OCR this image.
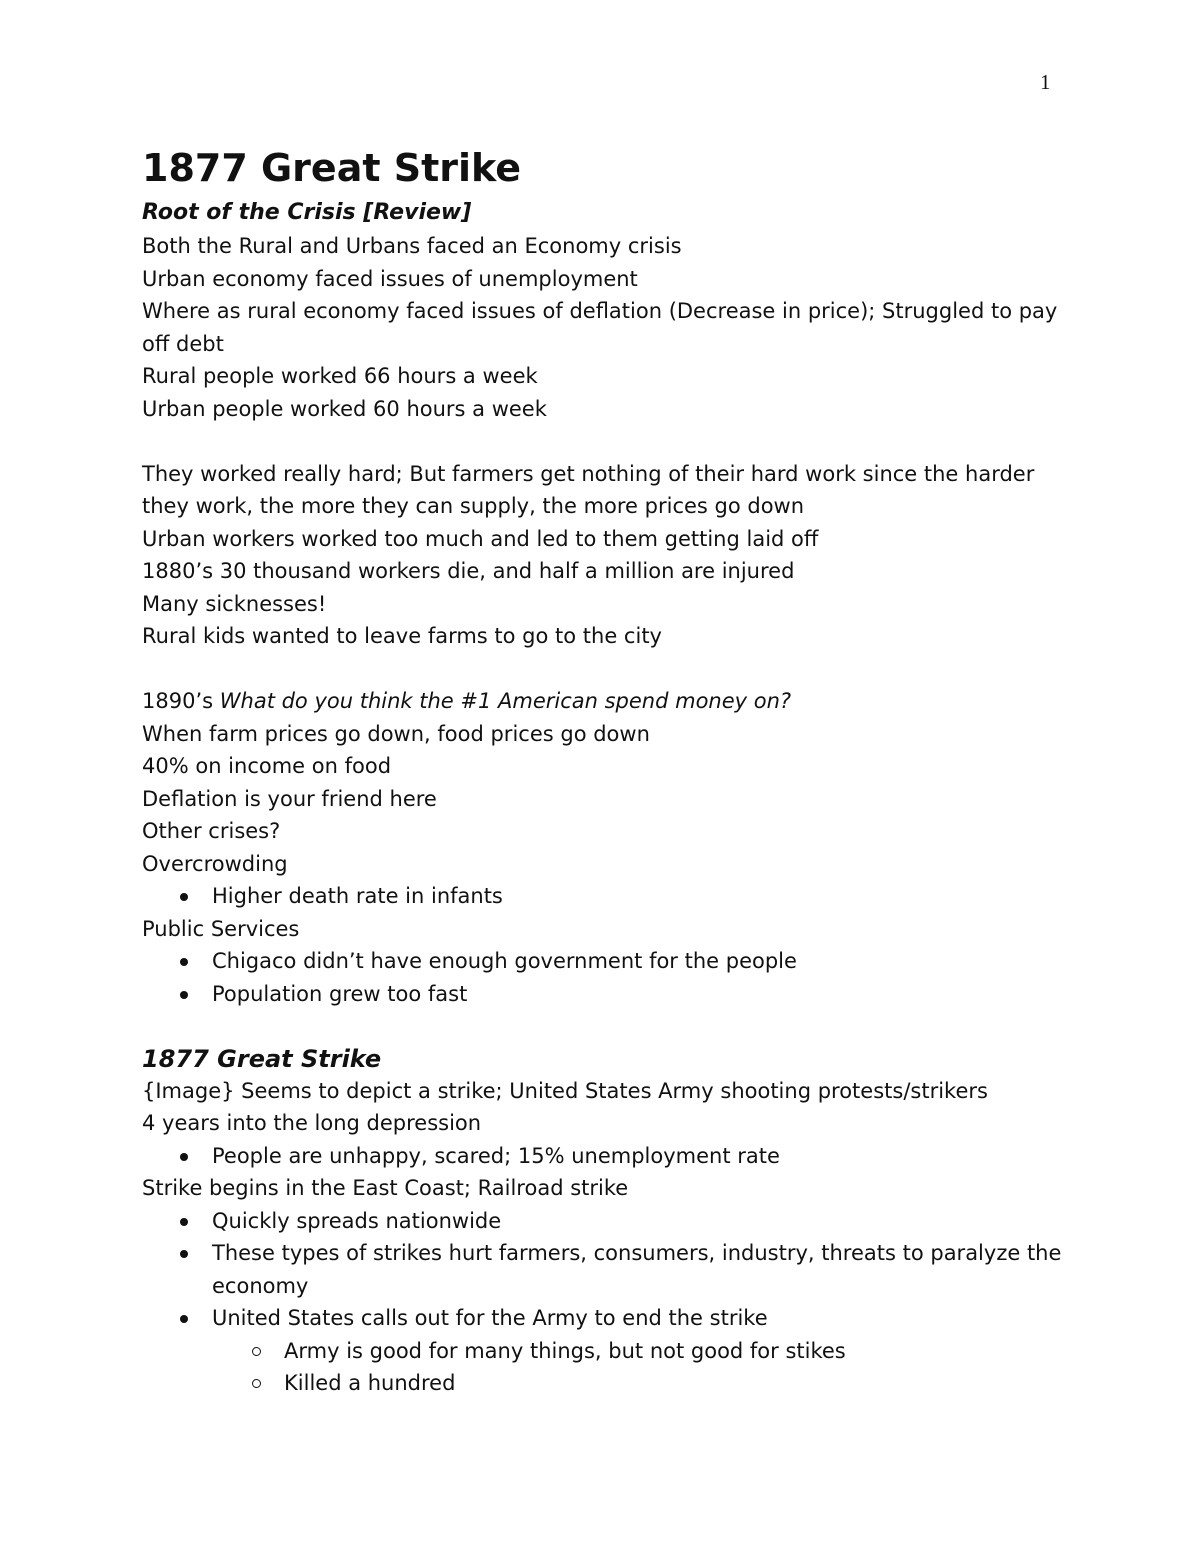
1
1877 Great Strike
Root of the Crisis [Review]
Both the Rural and Urbans faced an Economy crisis
Urban economy faced issues of unemployment
Where as rural economy faced issues of deflation (Decrease in price); Struggled to pay off debt
Rural people worked 66 hours a week
Urban people worked 60 hours a week
They worked really hard; But farmers get nothing of their hard work since the harder they work, the more they can supply, the more prices go down
Urban workers worked too much and led to them getting laid off
1880’s 30 thousand workers die, and half a million are injured
Many sicknesses!
Rural kids wanted to leave farms to go to the city
1890’s What do you think the #1 American spend money on?
When farm prices go down, food prices go down
40% on income on food
Deflation is your friend here
Other crises?
Overcrowding
Higher death rate in infants
Public Services
Chigaco didn’t have enough government for the people
Population grew too fast
1877 Great Strike
{Image} Seems to depict a strike; United States Army shooting protests/strikers
4 years into the long depression
People are unhappy, scared; 15% unemployment rate
Strike begins in the East Coast; Railroad strike
Quickly spreads nationwide
These types of strikes hurt farmers, consumers, industry, threats to paralyze the economy
United States calls out for the Army to end the strike
Army is good for many things, but not good for stikes
Killed a hundred
